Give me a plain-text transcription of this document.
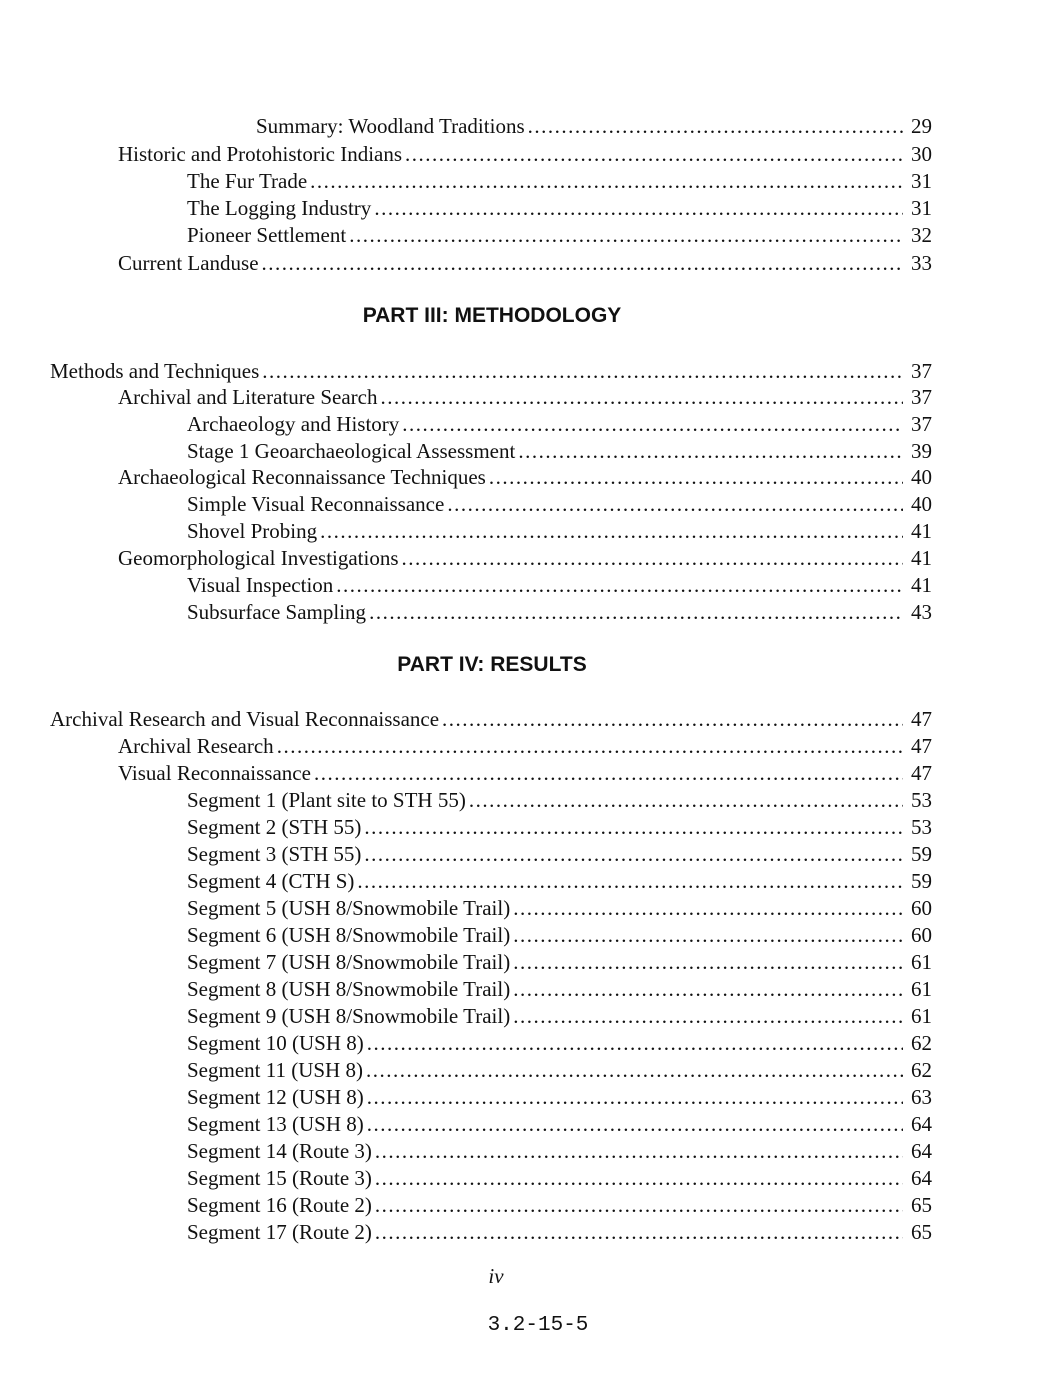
Summary: Woodland Traditions .....	29
Historic and Protohistoric Indians .....	30
The Fur Trade .....	31
The Logging Industry .....	31
Pioneer Settlement .....	32
Current Landuse .....	33
PART III: METHODOLOGY
Methods and Techniques .....	37
Archival and Literature Search .....	37
Archaeology and History .....	37
Stage 1 Geoarchaeological Assessment .....	39
Archaeological Reconnaissance Techniques .....	40
Simple Visual Reconnaissance .....	40
Shovel Probing .....	41
Geomorphological Investigations .....	41
Visual Inspection .....	41
Subsurface Sampling .....	43
PART IV: RESULTS
Archival Research and Visual Reconnaissance .....	47
Archival Research .....	47
Visual Reconnaissance .....	47
Segment 1 (Plant site to STH 55) .....	53
Segment 2 (STH 55) .....	53
Segment 3 (STH 55) .....	59
Segment 4 (CTH S) .....	59
Segment 5 (USH 8/Snowmobile Trail) .....	60
Segment 6 (USH 8/Snowmobile Trail) .....	60
Segment 7 (USH 8/Snowmobile Trail) .....	61
Segment 8 (USH 8/Snowmobile Trail) .....	61
Segment 9 (USH 8/Snowmobile Trail) .....	61
Segment 10 (USH 8) .....	62
Segment 11 (USH 8) .....	62
Segment 12 (USH 8) .....	63
Segment 13 (USH 8) .....	64
Segment 14 (Route 3) .....	64
Segment 15 (Route 3) .....	64
Segment 16 (Route 2) .....	65
Segment 17 (Route 2) .....	65
iv
3.2-15-5
